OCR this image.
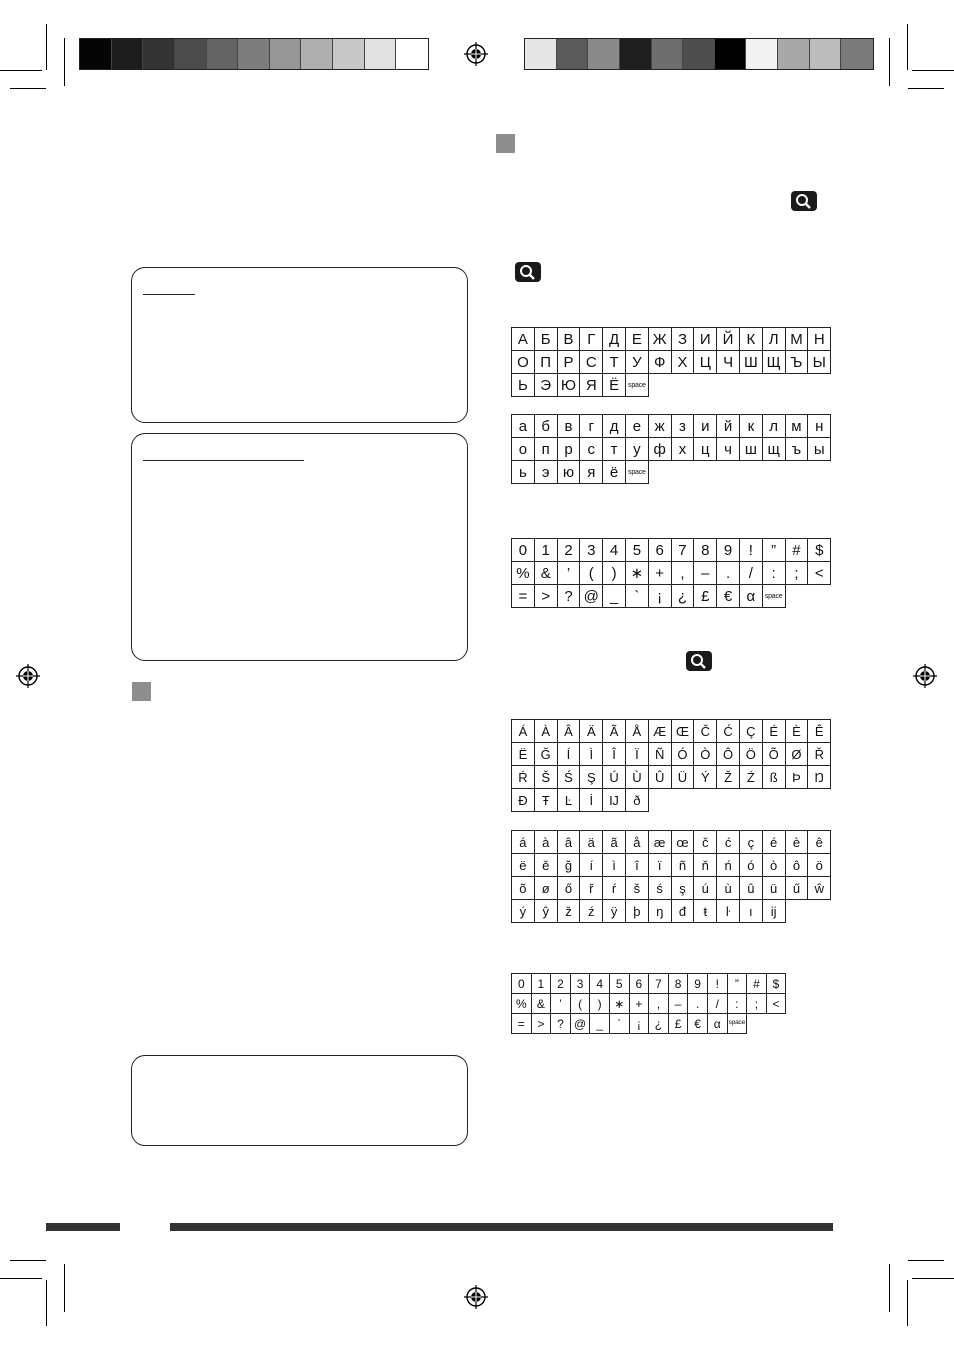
А Б В Г Д Е Ж З И Й К Л М Н
О П Р С Т У Ф Х Ц Ч Ш Щ Ъ Ы
Ь Э Ю Я Ё	space
а б в	г	д е ж з	и й	к	л м н
о п р с	т	у ф х ц ч ш щ ъ ы
ь	э ю я ё	space
0 1 2 3 4 5 6 7 8 9	!	”	# $
% &	’	(	) ∗ +	,	–	.	/	:	;	<
= > ? @ _	`	¡	¿ £ € α	space
Á	À	Â	Ä	Ã	Å Æ Œ Č	Ć	Ç	É	È	Ê
Ë	Ğ	Í	Ì	Î	Ï	Ñ	Ó Ò Ô Ö Õ Ø	Ř
Ŕ	Š	Ś	Ş	Ú	Ù	Û	Ü	Ý	Ž	Ź	ß	Þ	Ŋ
Đ	Ŧ	Ŀ	İ	Ĳ	ð
á	à	â	ä	ã	å	æ œ	č	ć	ç	é	è	ê
ë	ě	ğ	í	ì	î	ï	ñ	ň	ń	ó	ò	ô	ö
õ	ø	ő	ř	ŕ	š	ś	ş	ú	ù	û	ü	ű	ŵ
ý	ŷ	ž	ź	ÿ	þ	ŋ	đ	ŧ	ŀ	ı	ĳ
0	1	2	3	4	5	6	7	8	9	!	”	#	$
% &	’	(	)	∗ +	,	–	.	/	:	;	<
=	>	? @ _	`	¡	¿	£	€	α	space
